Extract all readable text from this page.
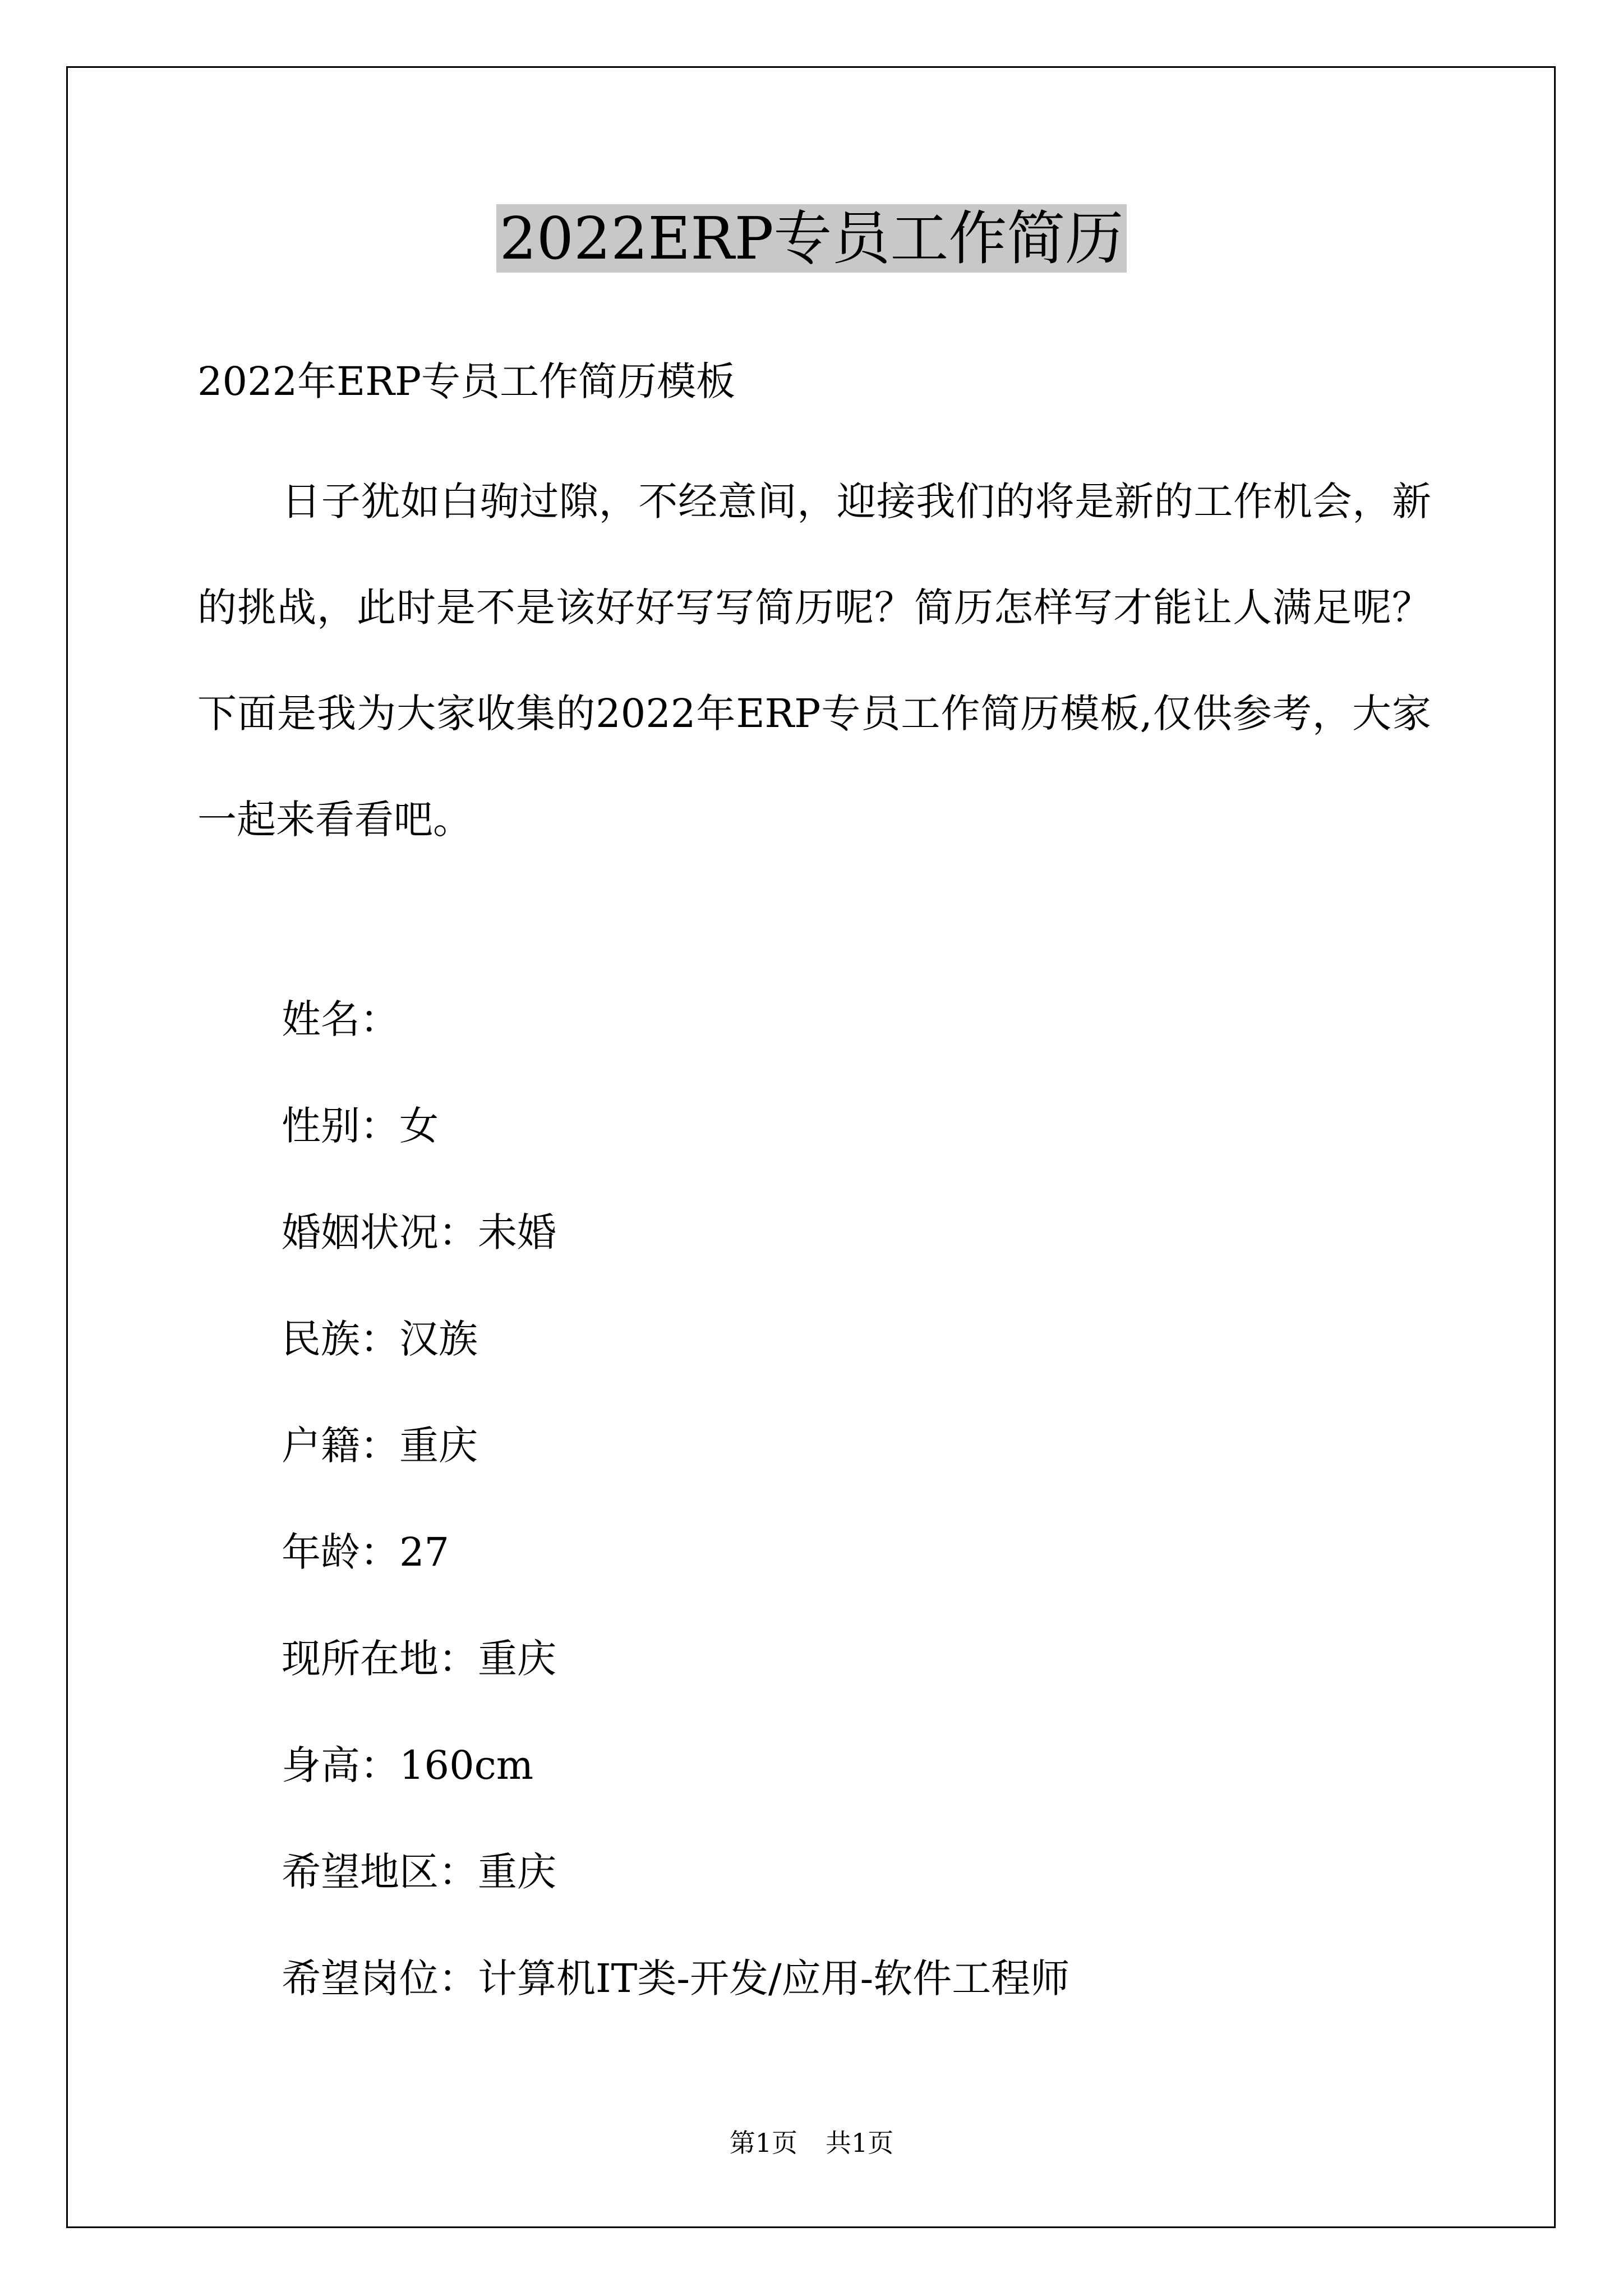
2022ERP专员工作简历

2022年ERP专员工作简历模板

日子犹如白驹过隙，不经意间，迎接我们的将是新的工作机会，新的挑战，此时是不是该好好写写简历呢？简历怎样写才能让人满足呢？下面是我为大家收集的2022年ERP专员工作简历模板,仅供参考，大家一起来看看吧。

姓名：

性别：女

婚姻状况：未婚

民族：汉族

户籍：重庆

年龄：27

现所在地：重庆

身高：160cm

希望地区：重庆

希望岗位：计算机IT类-开发/应用-软件工程师

第1页 共1页
